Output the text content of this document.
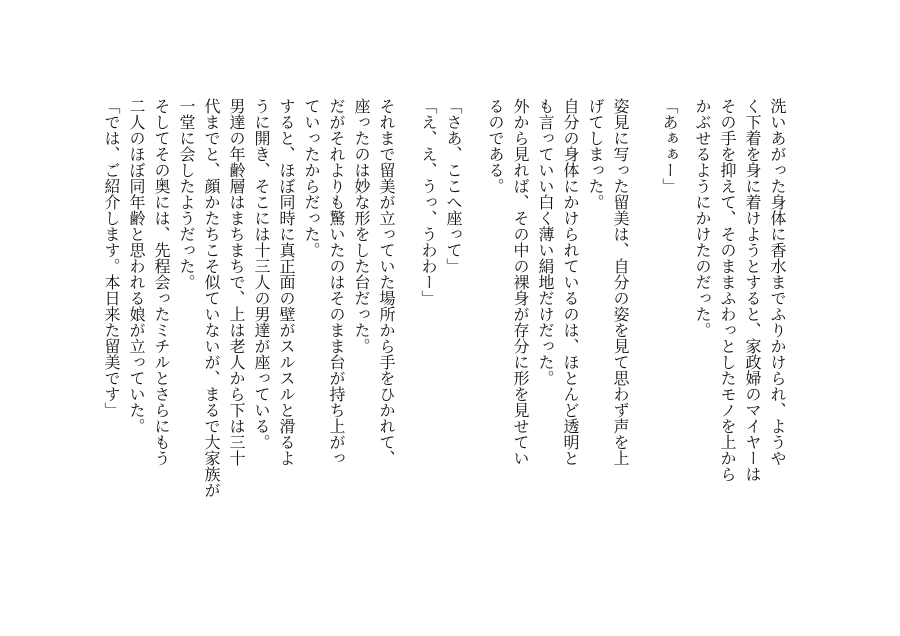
洗いあがった身体に香水までふりかけられ、ようや
く下着を身に着けようとすると、家政婦のマイヤーは
その手を抑えて、そのままふわっとしたモノを上から
かぶせるようにかけたのだった。
「あぁぁー」
姿見に写った留美は、自分の姿を見て思わず声を上
げてしまった。
自分の身体にかけられているのは、ほとんど透明と
も言っていい白く薄い絹地だけだった。
外から見れば、その中の裸身が存分に形を見せてい
るのである。
「さあ、ここへ座って」
「え、え、うっ、うわわー」
それまで留美が立っていた場所から手をひかれて、
座ったのは妙な形をした台だった。
だがそれよりも驚いたのはそのまま台が持ち上がっ
ていったからだった。
すると、ほぼ同時に真正面の壁がスルスルと滑るよ
うに開き、そこには十三人の男達が座っている。
男達の年齢層はまちまちで、上は老人から下は三十
代までと、顔かたちこそ似ていないが、まるで大家族が
一堂に会したようだった。
そしてその奥には、先程会ったミチルとさらにもう
二人のほぼ同年齢と思われる娘が立っていた。
「では、ご紹介します。本日来た留美です」
